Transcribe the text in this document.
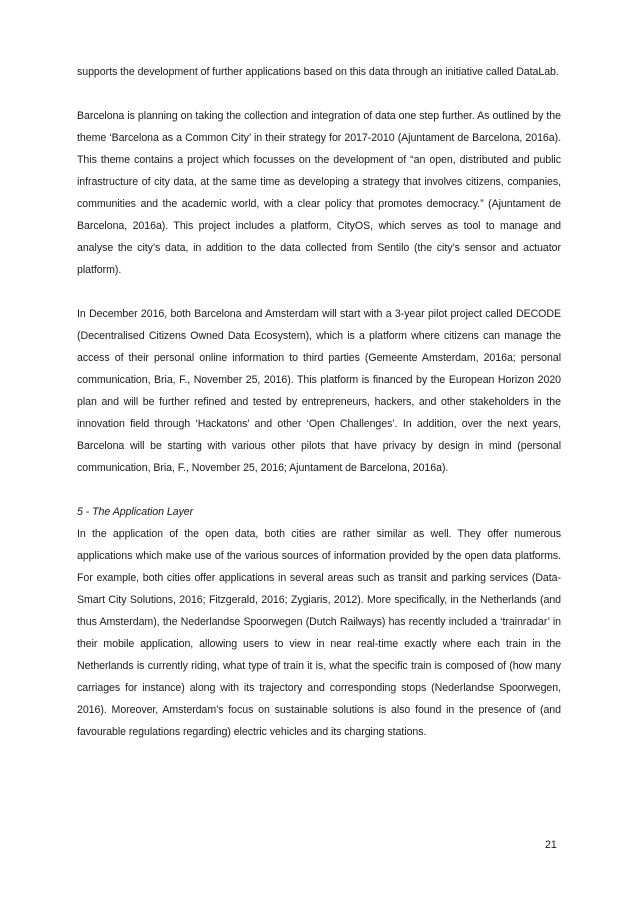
supports the development of further applications based on this data through an initiative called DataLab.

Barcelona is planning on taking the collection and integration of data one step further. As outlined by the theme ‘Barcelona as a Common City’ in their strategy for 2017-2010 (Ajuntament de Barcelona, 2016a). This theme contains a project which focusses on the development of “an open, distributed and public infrastructure of city data, at the same time as developing a strategy that involves citizens, companies, communities and the academic world, with a clear policy that promotes democracy.” (Ajuntament de Barcelona, 2016a). This project includes a platform, CityOS, which serves as tool to manage and analyse the city’s data, in addition to the data collected from Sentilo (the city’s sensor and actuator platform).

In December 2016, both Barcelona and Amsterdam will start with a 3-year pilot project called DECODE (Decentralised Citizens Owned Data Ecosystem), which is a platform where citizens can manage the access of their personal online information to third parties (Gemeente Amsterdam, 2016a; personal communication, Bria, F., November 25, 2016). This platform is financed by the European Horizon 2020 plan and will be further refined and tested by entrepreneurs, hackers, and other stakeholders in the innovation field through ‘Hackatons’ and other ‘Open Challenges’. In addition, over the next years, Barcelona will be starting with various other pilots that have privacy by design in mind (personal communication, Bria, F., November 25, 2016; Ajuntament de Barcelona, 2016a).

5 - The Application Layer

In the application of the open data, both cities are rather similar as well. They offer numerous applications which make use of the various sources of information provided by the open data platforms. For example, both cities offer applications in several areas such as transit and parking services (Data-Smart City Solutions, 2016; Fitzgerald, 2016; Zygiaris, 2012). More specifically, in the Netherlands (and thus Amsterdam), the Nederlandse Spoorwegen (Dutch Railways) has recently included a ‘trainradar’ in their mobile application, allowing users to view in near real-time exactly where each train in the Netherlands is currently riding, what type of train it is, what the specific train is composed of (how many carriages for instance) along with its trajectory and corresponding stops (Nederlandse Spoorwegen, 2016). Moreover, Amsterdam’s focus on sustainable solutions is also found in the presence of (and favourable regulations regarding) electric vehicles and its charging stations.

21
